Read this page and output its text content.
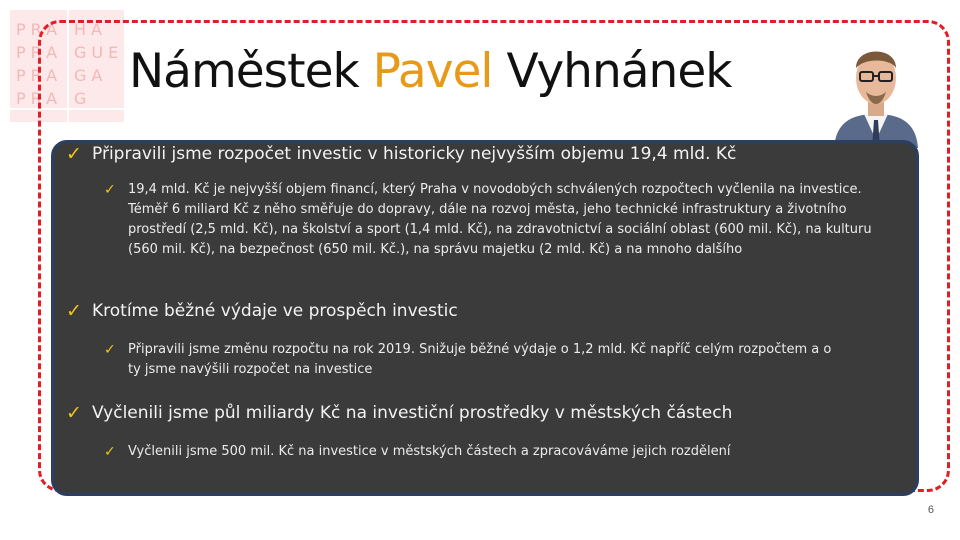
PRA HA
PRA GUE
PRA GA
PRA G Náměstek Pavel Vyhnánek
✓ Připravili jsme rozpočet investic v historicky nejvyšším objemu 19,4 mld. Kč
✓ 19,4 mld. Kč je nejvyšší objem financí, který Praha v novodobých schválených rozpočtech vyčlenila na investice. Téměř 6 miliard Kč z něho směřuje do dopravy, dále na rozvoj města, jeho technické infrastruktury a životního prostředí (2,5 mld. Kč), na školství a sport (1,4 mld. Kč), na zdravotnictví a sociální oblast (600 mil. Kč), na kulturu (560 mil. Kč), na bezpečnost (650 mil. Kč.), na správu majetku (2 mld. Kč) a na mnoho dalšího
✓ Krotíme běžné výdaje ve prospěch investic
✓ Připravili jsme změnu rozpočtu na rok 2019. Snižuje běžné výdaje o 1,2 mld. Kč napříč celým rozpočtem a o ty jsme navýšili rozpočet na investice
✓ Vyčlenili jsme půl miliardy Kč na investiční prostředky v městských částech
✓ Vyčlenili jsme 500 mil. Kč na investice v městských částech a zpracováváme jejich rozdělení
6
